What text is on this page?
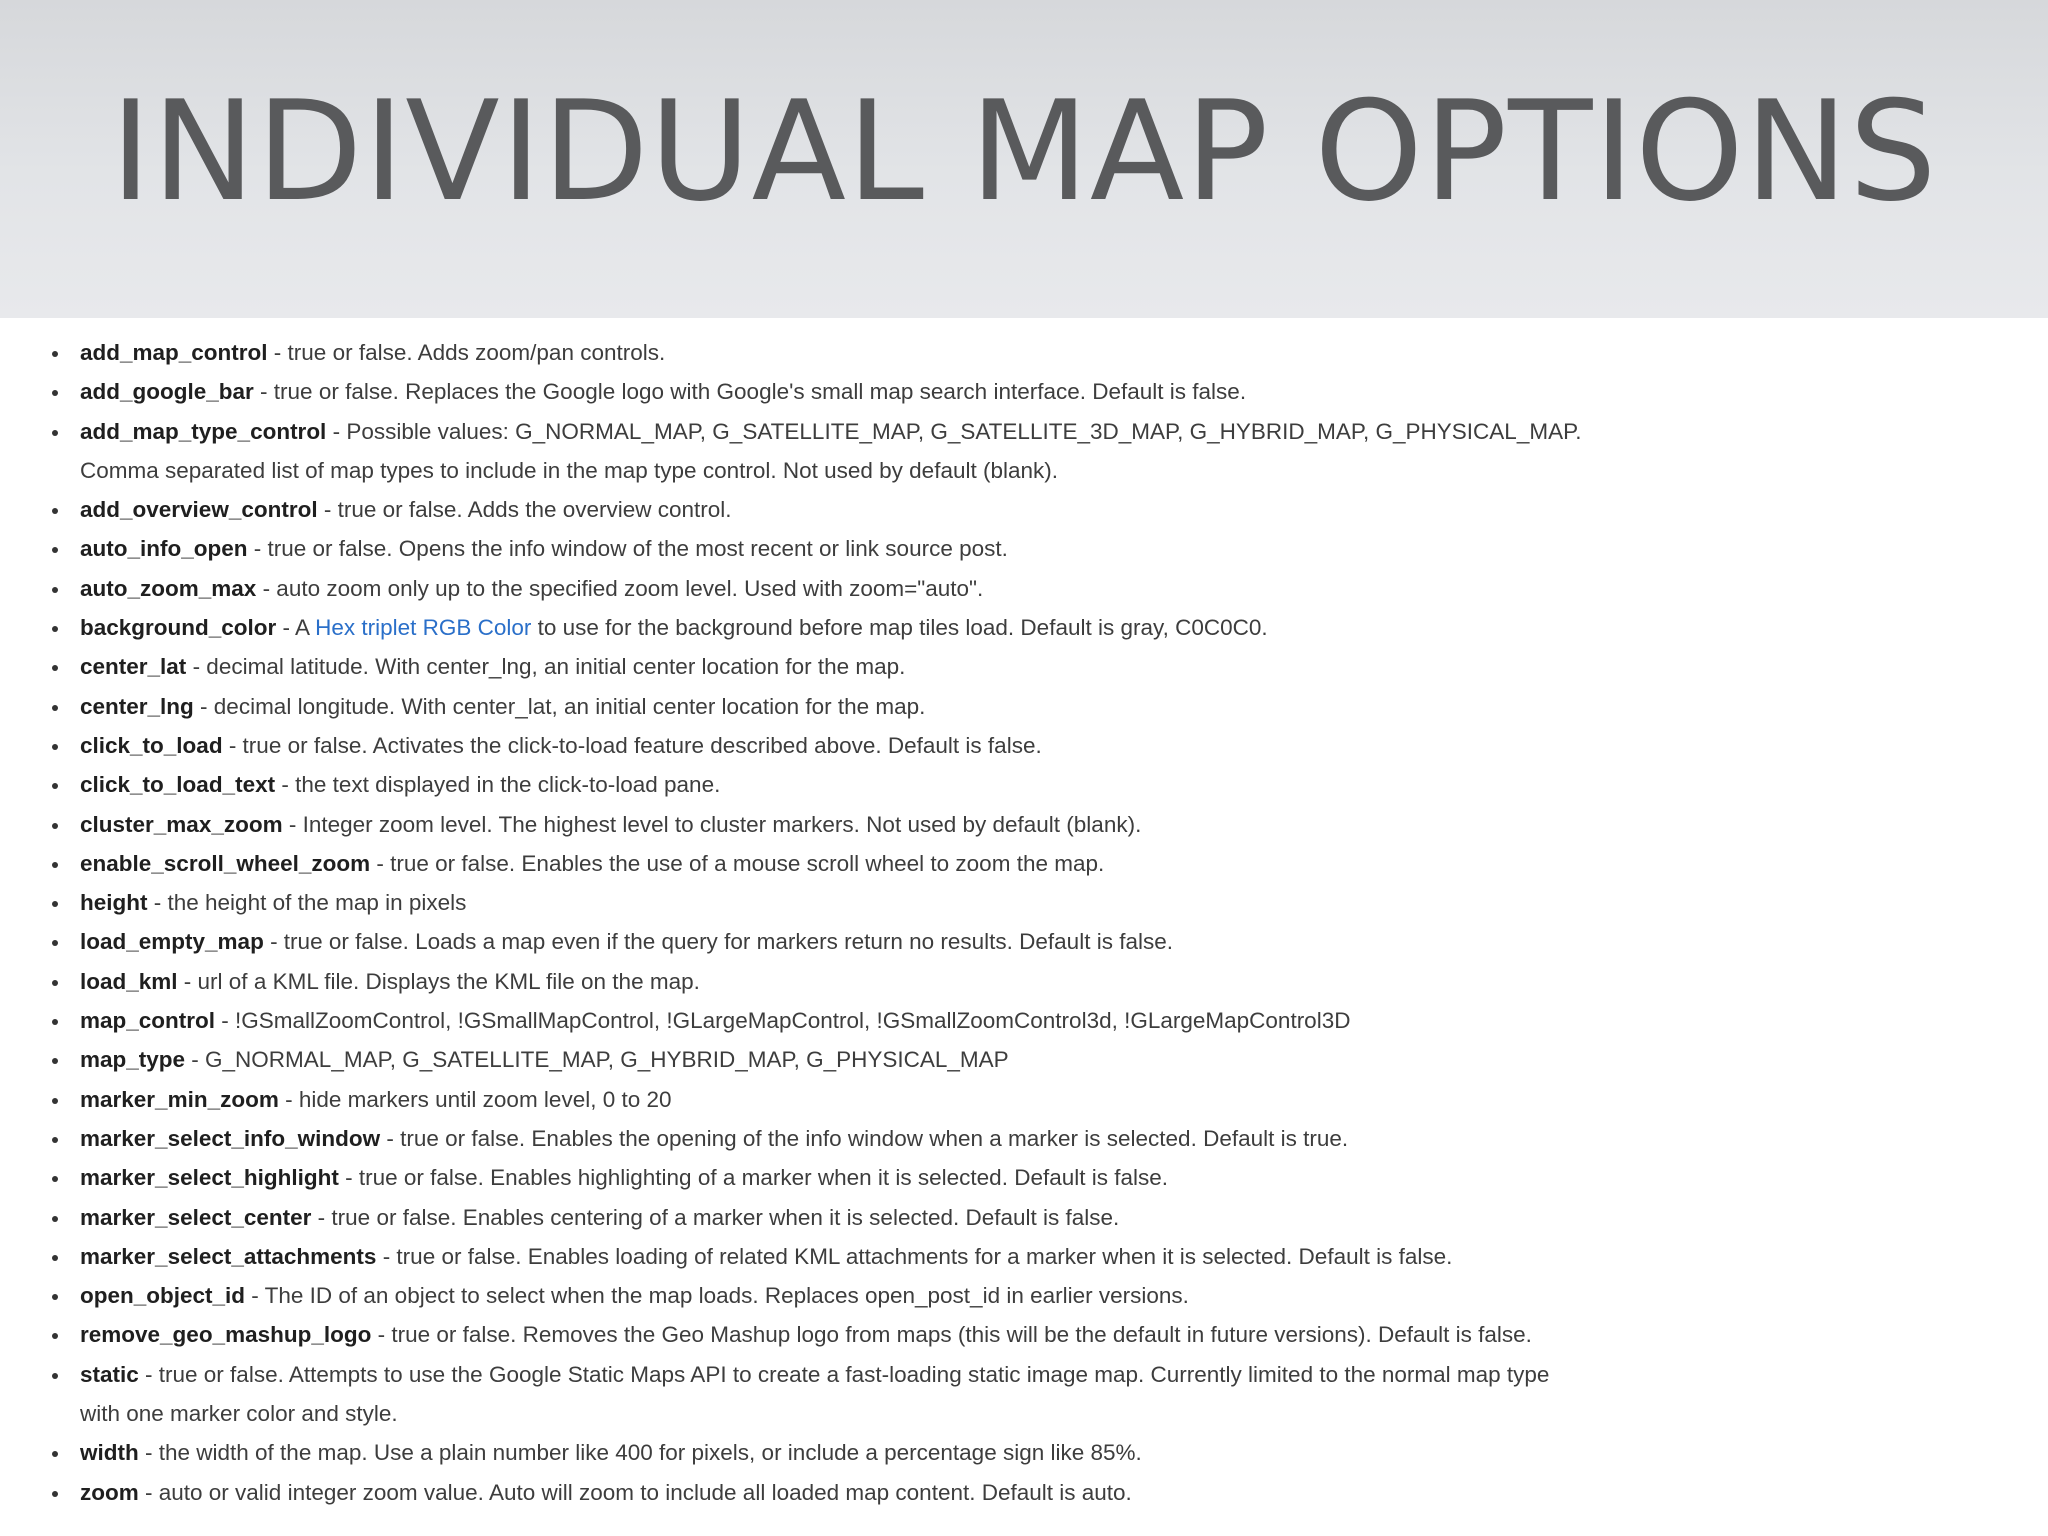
INDIVIDUAL MAP OPTIONS
add_map_control - true or false. Adds zoom/pan controls.
add_google_bar - true or false. Replaces the Google logo with Google's small map search interface. Default is false.
add_map_type_control - Possible values: G_NORMAL_MAP, G_SATELLITE_MAP, G_SATELLITE_3D_MAP, G_HYBRID_MAP, G_PHYSICAL_MAP.
Comma separated list of map types to include in the map type control. Not used by default (blank).
add_overview_control - true or false. Adds the overview control.
auto_info_open - true or false. Opens the info window of the most recent or link source post.
auto_zoom_max - auto zoom only up to the specified zoom level. Used with zoom="auto".
background_color - A Hex triplet RGB Color to use for the background before map tiles load. Default is gray, C0C0C0.
center_lat - decimal latitude. With center_lng, an initial center location for the map.
center_lng - decimal longitude. With center_lat, an initial center location for the map.
click_to_load - true or false. Activates the click-to-load feature described above. Default is false.
click_to_load_text - the text displayed in the click-to-load pane.
cluster_max_zoom - Integer zoom level. The highest level to cluster markers. Not used by default (blank).
enable_scroll_wheel_zoom - true or false. Enables the use of a mouse scroll wheel to zoom the map.
height - the height of the map in pixels
load_empty_map - true or false. Loads a map even if the query for markers return no results. Default is false.
load_kml - url of a KML file. Displays the KML file on the map.
map_control - !GSmallZoomControl, !GSmallMapControl, !GLargeMapControl, !GSmallZoomControl3d, !GLargeMapControl3D
map_type - G_NORMAL_MAP, G_SATELLITE_MAP, G_HYBRID_MAP, G_PHYSICAL_MAP
marker_min_zoom - hide markers until zoom level, 0 to 20
marker_select_info_window - true or false. Enables the opening of the info window when a marker is selected. Default is true.
marker_select_highlight - true or false. Enables highlighting of a marker when it is selected. Default is false.
marker_select_center - true or false. Enables centering of a marker when it is selected. Default is false.
marker_select_attachments - true or false. Enables loading of related KML attachments for a marker when it is selected. Default is false.
open_object_id - The ID of an object to select when the map loads. Replaces open_post_id in earlier versions.
remove_geo_mashup_logo - true or false. Removes the Geo Mashup logo from maps (this will be the default in future versions). Default is false.
static - true or false. Attempts to use the Google Static Maps API to create a fast-loading static image map. Currently limited to the normal map type
with one marker color and style.
width - the width of the map. Use a plain number like 400 for pixels, or include a percentage sign like 85%.
zoom - auto or valid integer zoom value. Auto will zoom to include all loaded map content. Default is auto.
